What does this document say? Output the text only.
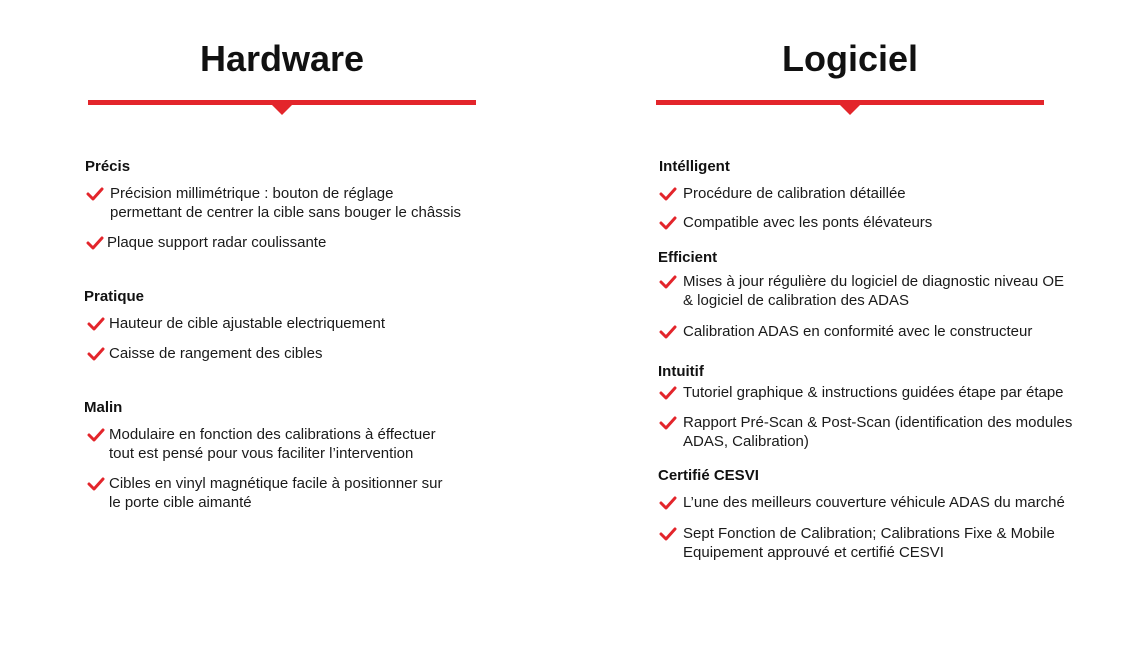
Hardware	Logiciel
Précis
Précision millimétrique : bouton de réglage
permettant de centrer la cible sans bouger le châssis
Plaque support radar coulissante
Pratique
Hauteur de cible ajustable electriquement
Caisse de rangement des cibles
Malin
Modulaire en fonction des calibrations à éffectuer
tout est pensé pour vous faciliter l’intervention
Cibles en vinyl magnétique facile à positionner sur
le porte cible aimanté
Intélligent
Procédure de calibration détaillée
Compatible avec les ponts élévateurs
Efficient
Mises à jour régulière du logiciel de diagnostic niveau OE
& logiciel de calibration des ADAS
Calibration ADAS en conformité avec le constructeur
Intuitif
Tutoriel graphique & instructions guidées étape par étape
Rapport Pré-Scan & Post-Scan (identification des modules
ADAS, Calibration)
Certifié CESVI
L’une des meilleurs couverture véhicule ADAS du marché
Sept Fonction de Calibration; Calibrations Fixe & Mobile
Equipement approuvé et certifié CESVI
